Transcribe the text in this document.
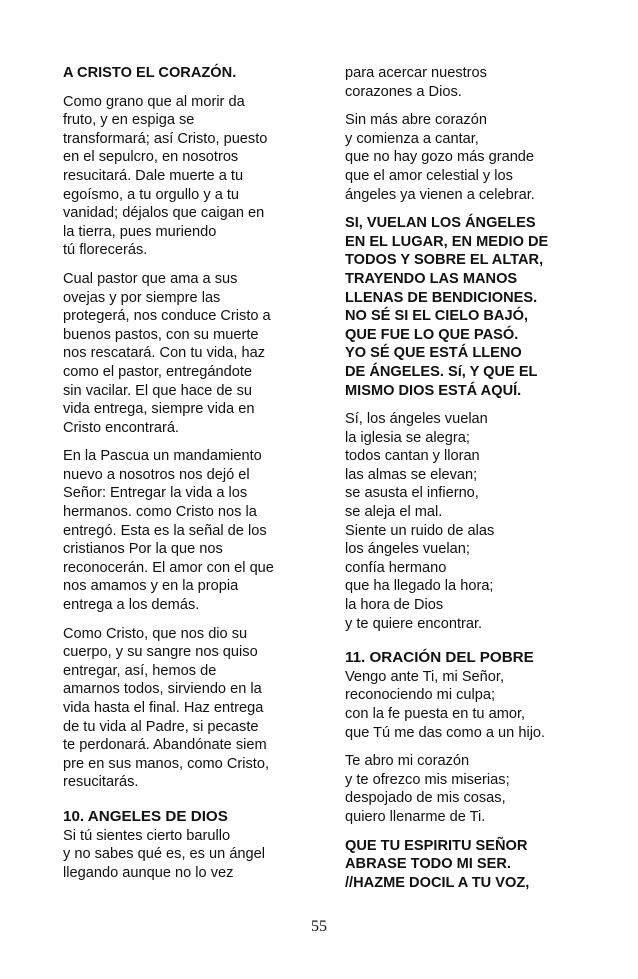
A CRISTO EL CORAZÓN.

Como grano que al morir da
fruto, y en espiga se
transformará; así Cristo, puesto
en el sepulcro, en nosotros
resucitará. Dale muerte a tu
egoísmo, a tu orgullo y a tu
vanidad; déjalos que caigan en
la tierra, pues muriendo
tú florecerás.

Cual pastor que ama a sus
ovejas y por siempre las
protegerá, nos conduce Cristo a
buenos pastos, con su muerte
nos rescatará. Con tu vida, haz
como el pastor, entregándote
sin vacilar. El que hace de su
vida entrega, siempre vida en
Cristo encontrará.

En la Pascua un mandamiento
nuevo a nosotros nos dejó el
Señor: Entregar la vida a los
hermanos. como Cristo nos la
entregó. Esta es la señal de los
cristianos Por la que nos
reconocerán. El amor con el que
nos amamos y en la propia
entrega a los demás.

Como Cristo, que nos dio su
cuerpo, y su sangre nos quiso
entregar, así, hemos de
amarnos todos, sirviendo en la
vida hasta el final. Haz entrega
de tu vida al Padre, si pecaste
te perdonará. Abandónate siem
pre en sus manos, como Cristo,
resucitarás.

10. ANGELES DE DIOS

Si tú sientes cierto barullo
y no sabes qué es, es un ángel
llegando aunque no lo vez

para acercar nuestros
corazones a Dios.

Sin más abre corazón
y comienza a cantar,
que no hay gozo más grande
que el amor celestial y los
ángeles ya vienen a celebrar.

SI, VUELAN LOS ÁNGELES
EN EL LUGAR, EN MEDIO DE
TODOS Y SOBRE EL ALTAR,
TRAYENDO LAS MANOS
LLENAS DE BENDICIONES.
NO SÉ SI EL CIELO BAJÓ,
QUE FUE LO QUE PASÓ.
YO SÉ QUE ESTÁ LLENO
DE ÁNGELES. Sí, Y QUE EL
MISMO DIOS ESTÁ AQUÍ.

Sí, los ángeles vuelan
la iglesia se alegra;
todos cantan y lloran
las almas se elevan;
se asusta el infierno,
se aleja el mal.
Siente un ruido de alas
los ángeles vuelan;
confía hermano
que ha llegado la hora;
la hora de Dios
y te quiere encontrar.

11. ORACIÓN DEL POBRE

Vengo ante Ti, mi Señor,
reconociendo mi culpa;
con la fe puesta en tu amor,
que Tú me das como a un hijo.

Te abro mi corazón
y te ofrezco mis miserias;
despojado de mis cosas,
quiero llenarme de Ti.

QUE TU ESPIRITU SEÑOR
ABRASE TODO MI SER.
//HAZME DOCIL A TU VOZ,

55
